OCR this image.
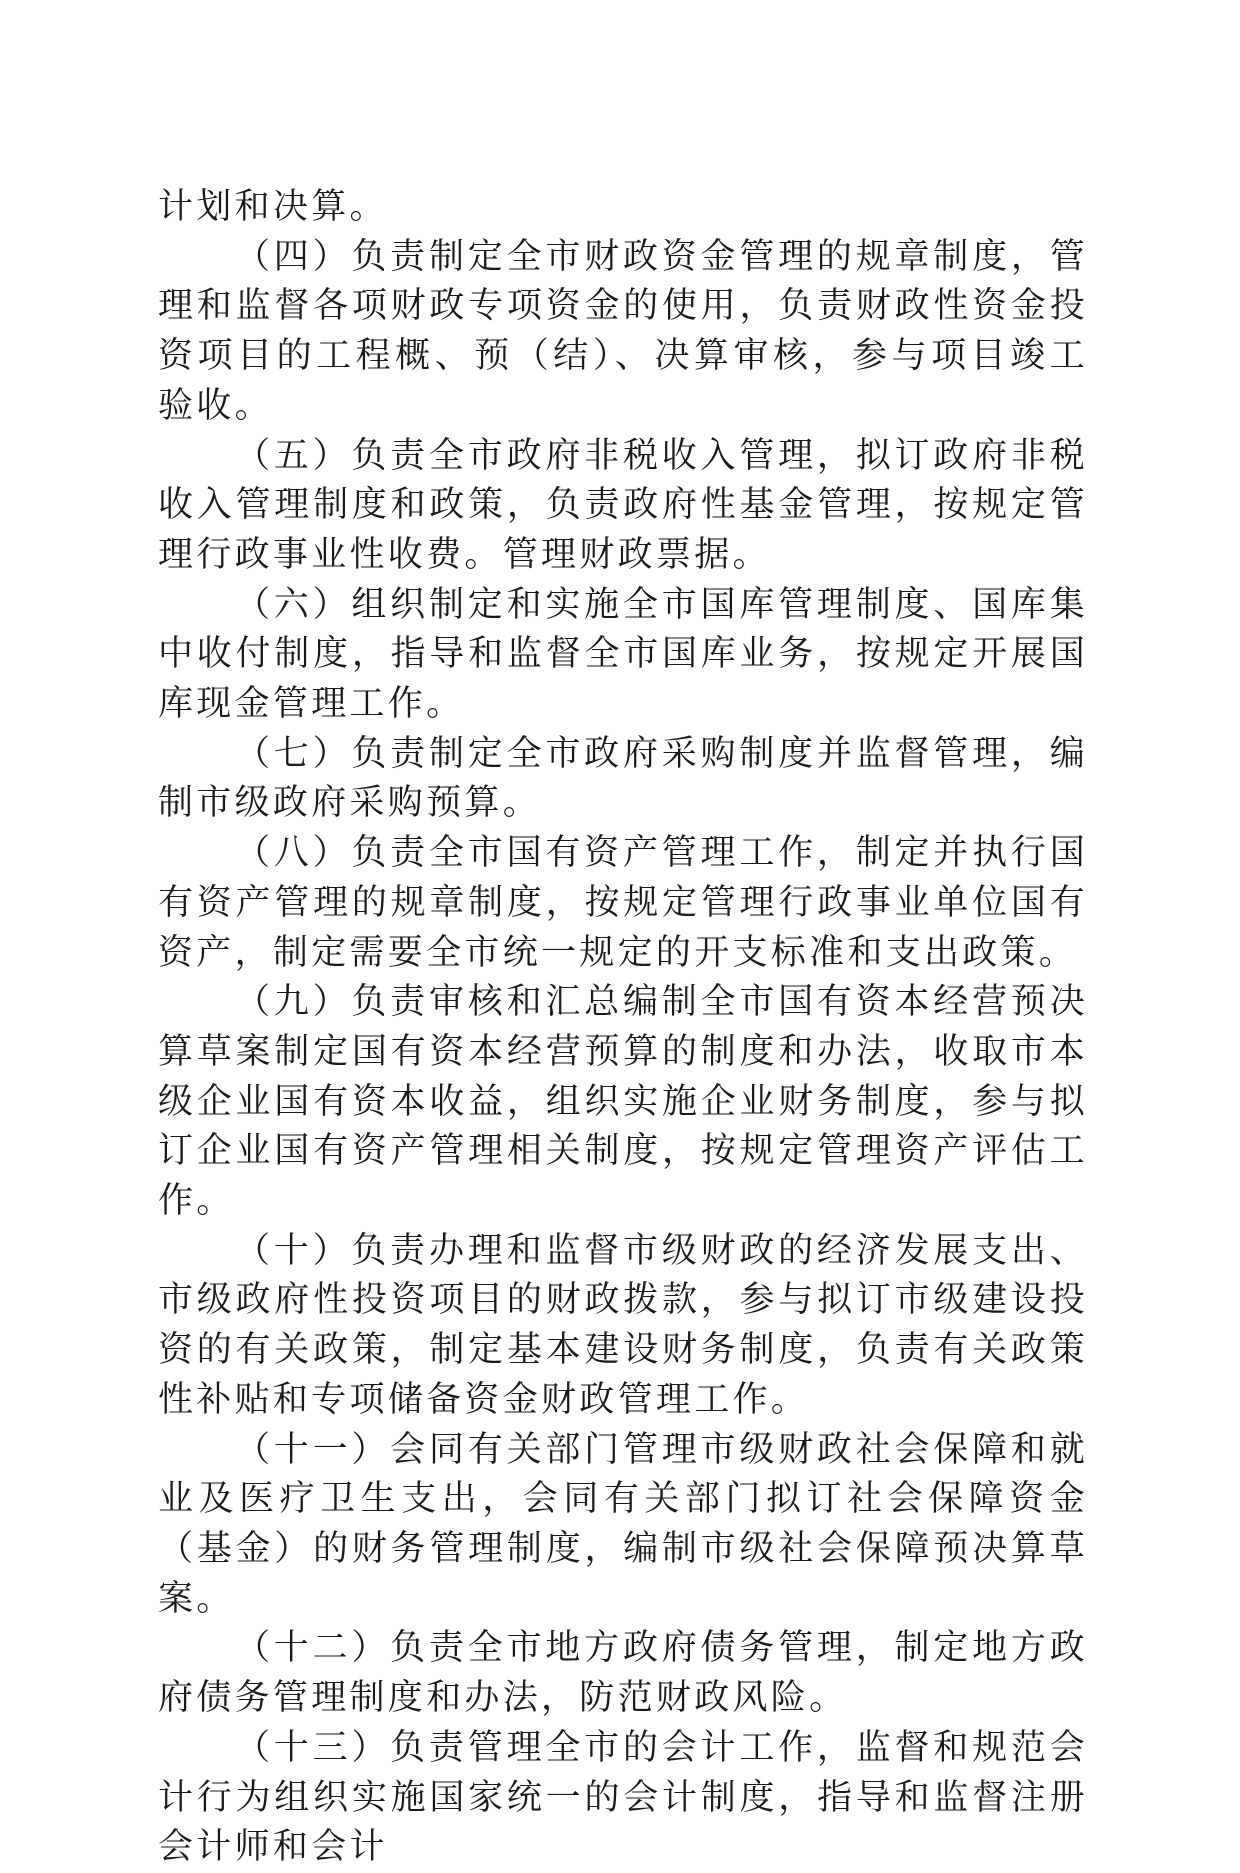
计划和决算。

（四）负责制定全市财政资金管理的规章制度，管理和监督各项财政专项资金的使用，负责财政性资金投资项目的工程概、预（结）、决算审核，参与项目竣工验收。

（五）负责全市政府非税收入管理，拟订政府非税收入管理制度和政策，负责政府性基金管理，按规定管理行政事业性收费。管理财政票据。

（六）组织制定和实施全市国库管理制度、国库集中收付制度，指导和监督全市国库业务，按规定开展国库现金管理工作。

（七）负责制定全市政府采购制度并监督管理，编制市级政府采购预算。

（八）负责全市国有资产管理工作，制定并执行国有资产管理的规章制度，按规定管理行政事业单位国有资产，制定需要全市统一规定的开支标准和支出政策。

（九）负责审核和汇总编制全市国有资本经营预决算草案制定国有资本经营预算的制度和办法，收取市本级企业国有资本收益，组织实施企业财务制度，参与拟订企业国有资产管理相关制度，按规定管理资产评估工作。

（十）负责办理和监督市级财政的经济发展支出、市级政府性投资项目的财政拨款，参与拟订市级建设投资的有关政策，制定基本建设财务制度，负责有关政策性补贴和专项储备资金财政管理工作。

（十一）会同有关部门管理市级财政社会保障和就业及医疗卫生支出，会同有关部门拟订社会保障资金（基金）的财务管理制度，编制市级社会保障预决算草案。

（十二）负责全市地方政府债务管理，制定地方政府债务管理制度和办法，防范财政风险。

（十三）负责管理全市的会计工作，监督和规范会计行为组织实施国家统一的会计制度，指导和监督注册会计师和会计
